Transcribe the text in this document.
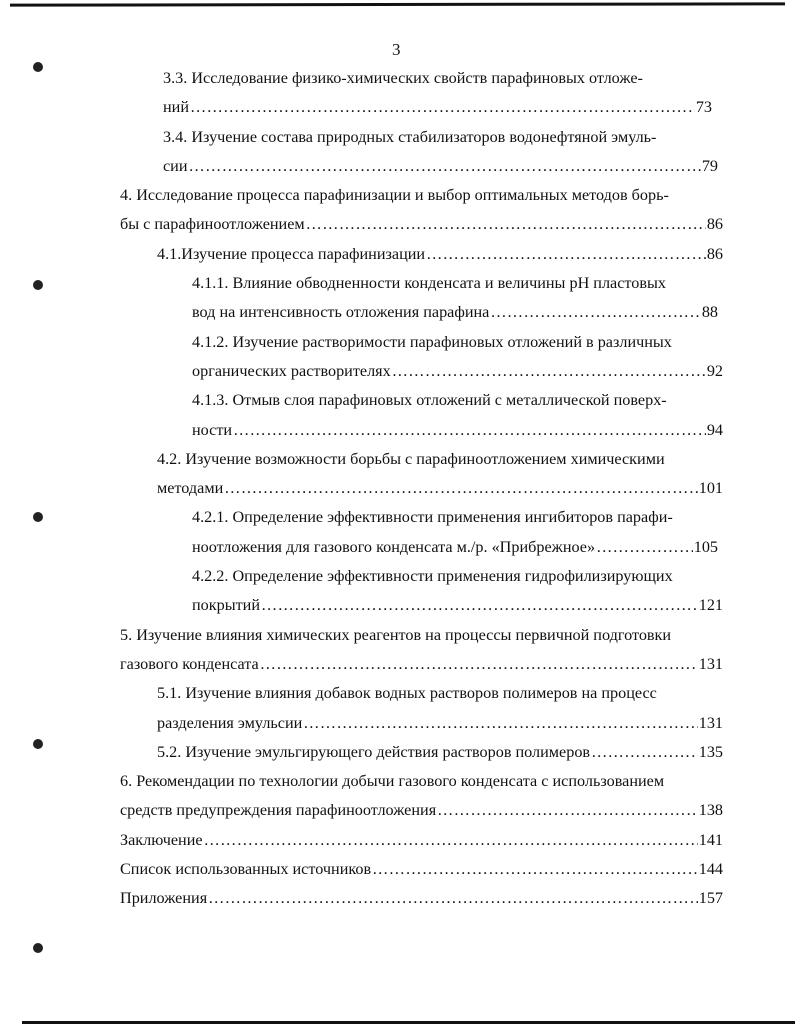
3
3.3. Исследование физико-химических свойств парафиновых отложе-
ний ………………………………………………………………………………………………………………………………………………………………………	73
3.4. Изучение состава природных стабилизаторов водонефтяной эмуль-
сии ………………………………………………………………………………………………………………………………………………………………………	79
4. Исследование процесса парафинизации и выбор оптимальных методов борь-
бы с парафиноотложением ………………………………………………………………………………………………………………………………………………………………………	86
4.1.Изучение процесса парафинизации ………………………………………………………………………………………………………………………………………………………………………	86
4.1.1. Влияние обводненности конденсата и величины рН пластовых
вод на интенсивность отложения парафина ………………………………………………………………………………………………………………………………………………………………………	88
4.1.2. Изучение растворимости парафиновых отложений в различных
органических растворителях ………………………………………………………………………………………………………………………………………………………………………	92
4.1.3. Отмыв слоя парафиновых отложений с металлической поверх-
ности ………………………………………………………………………………………………………………………………………………………………………	94
4.2. Изучение возможности борьбы с парафиноотложением химическими
методами ………………………………………………………………………………………………………………………………………………………………………	101
4.2.1. Определение эффективности применения ингибиторов парафи-
ноотложения для газового конденсата м./р. «Прибрежное» ………………………………………………………………………………………………………………………………………………………………………	105
4.2.2. Определение эффективности применения гидрофилизирующих
покрытий ………………………………………………………………………………………………………………………………………………………………………	121
5. Изучение влияния химических реагентов на процессы первичной подготовки
газового конденсата ………………………………………………………………………………………………………………………………………………………………………	131
5.1. Изучение влияния добавок водных растворов полимеров на процесс
разделения эмульсии ………………………………………………………………………………………………………………………………………………………………………	131
5.2. Изучение эмульгирующего действия растворов полимеров ………………………………………………………………………………………………………………………………………………………………………	135
6. Рекомендации по технологии добычи газового конденсата с использованием
средств предупреждения парафиноотложения ………………………………………………………………………………………………………………………………………………………………………	138
Заключение ………………………………………………………………………………………………………………………………………………………………………	141
Список использованных источников ………………………………………………………………………………………………………………………………………………………………………	144
Приложения ………………………………………………………………………………………………………………………………………………………………………	157
